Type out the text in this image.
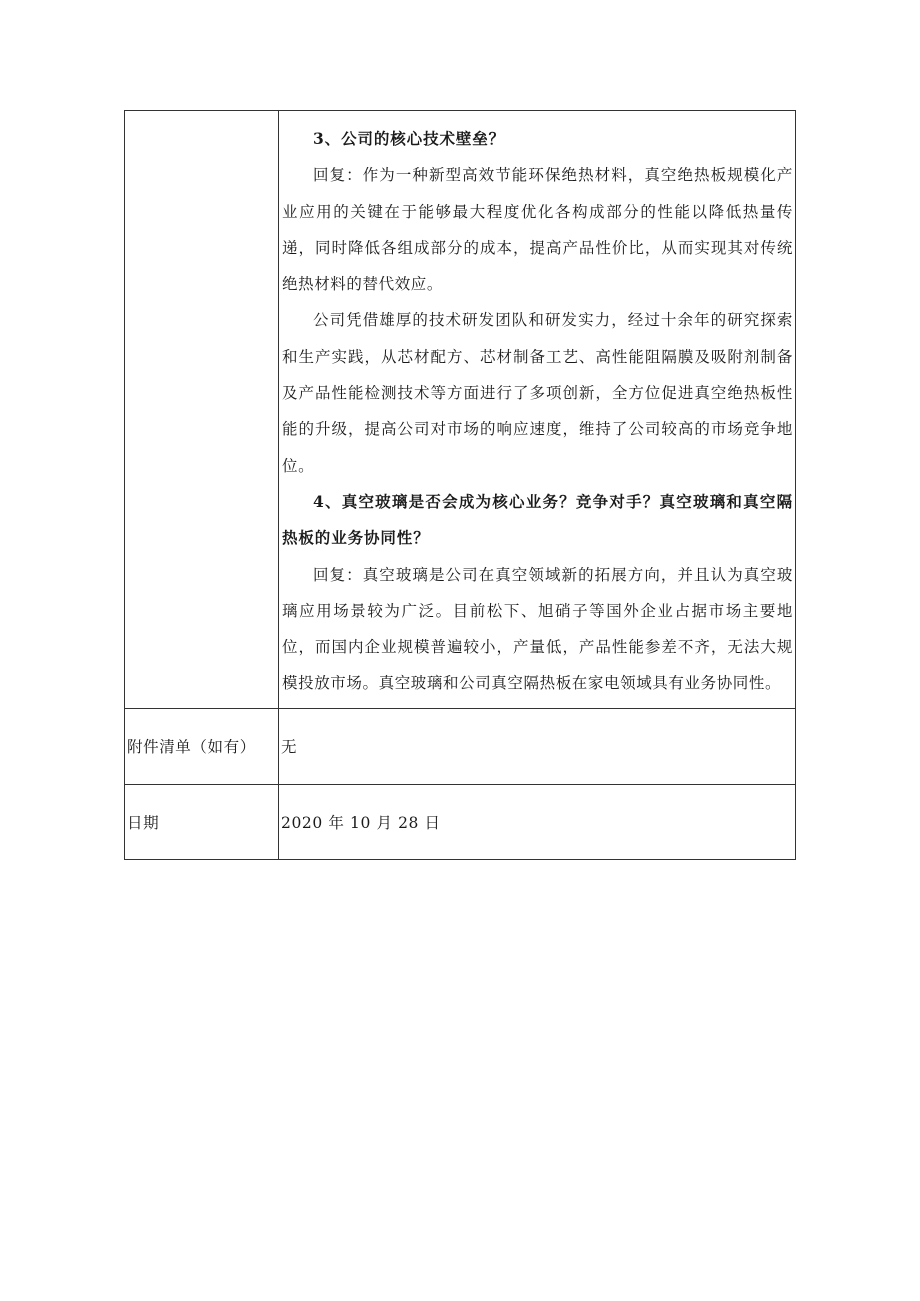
	3、公司的核心技术壁垒？

回复：作为一种新型高效节能环保绝热材料，真空绝热板规模化产业应用的关键在于能够最大程度优化各构成部分的性能以降低热量传递，同时降低各组成部分的成本，提高产品性价比，从而实现其对传统绝热材料的替代效应。

公司凭借雄厚的技术研发团队和研发实力，经过十余年的研究探索和生产实践，从芯材配方、芯材制备工艺、高性能阻隔膜及吸附剂制备及产品性能检测技术等方面进行了多项创新，全方位促进真空绝热板性能的升级，提高公司对市场的响应速度，维持了公司较高的市场竞争地位。

4、真空玻璃是否会成为核心业务？竞争对手？真空玻璃和真空隔热板的业务协同性？

回复：真空玻璃是公司在真空领域新的拓展方向，并且认为真空玻璃应用场景较为广泛。目前松下、旭硝子等国外企业占据市场主要地位，而国内企业规模普遍较小，产量低，产品性能参差不齐，无法大规模投放市场。真空玻璃和公司真空隔热板在家电领域具有业务协同性。

附件清单（如有）	无
日期	2020 年 10 月 28 日
